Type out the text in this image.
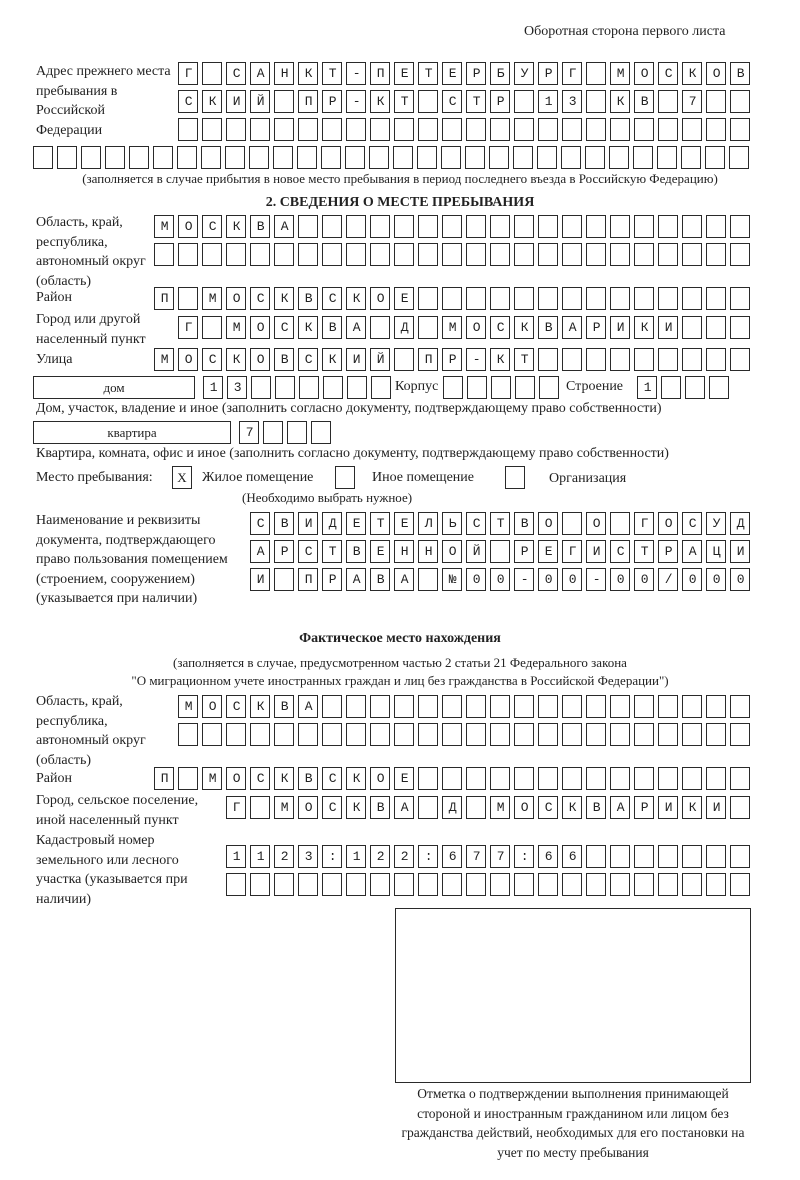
Оборотная сторона первого листа
Адрес прежнего места пребывания в Российской Федерации
Г САНКТ-ПЕТЕРБУРГ МОСКОВ
СКИЙ ПР-КТ СТР 13 КВ 7
(заполняется в случае прибытия в новое место пребывания в период последнего въезда в Российскую Федерацию)
2. СВЕДЕНИЯ О МЕСТЕ ПРЕБЫВАНИЯ
Область, край, республика, автономный округ (область)
МОСКВА
Район	П МОСКВСКОЕ
Город или другой населенный пункт
Г МОСКВА Д МОСКВАРИКИ
Улица	МОСКОВСКИЙ ПР-КТ
дом	13	Корпус	Строение	1
Дом, участок, владение и иное (заполнить согласно документу, подтверждающему право собственности)
квартира	7
Квартира, комната, офис и иное (заполнить согласно документу, подтверждающему право собственности)
Место пребывания:	X	Жилое помещение	Иное помещение	Организация
(Необходимо выбрать нужное)
Наименование и реквизиты документа, подтверждающего право пользования помещением (строением, сооружением) (указывается при наличии)
СВИДЕТЕЛЬСТВО О ГОСУД
АРСТВЕННОЙ РЕГИСТРАЦИ
И ПРАВА №00-00-00/000
Фактическое место нахождения
(заполняется в случае, предусмотренном частью 2 статьи 21 Федерального закона
"О миграционном учете иностранных граждан и лиц без гражданства в Российской Федерации")
Область, край, республика, автономный округ (область)
МОСКВА
Район	П МОСКВСКОЕ
Город, сельское поселение, иной населенный пункт
Г МОСКВА Д МОСКВАРИКИ
Кадастровый номер земельного или лесного участка (указывается при наличии)
1123:122:677:66
Отметка о подтверждении выполнения принимающей стороной и иностранным гражданином или лицом без гражданства действий, необходимых для его постановки на учет по месту пребывания
